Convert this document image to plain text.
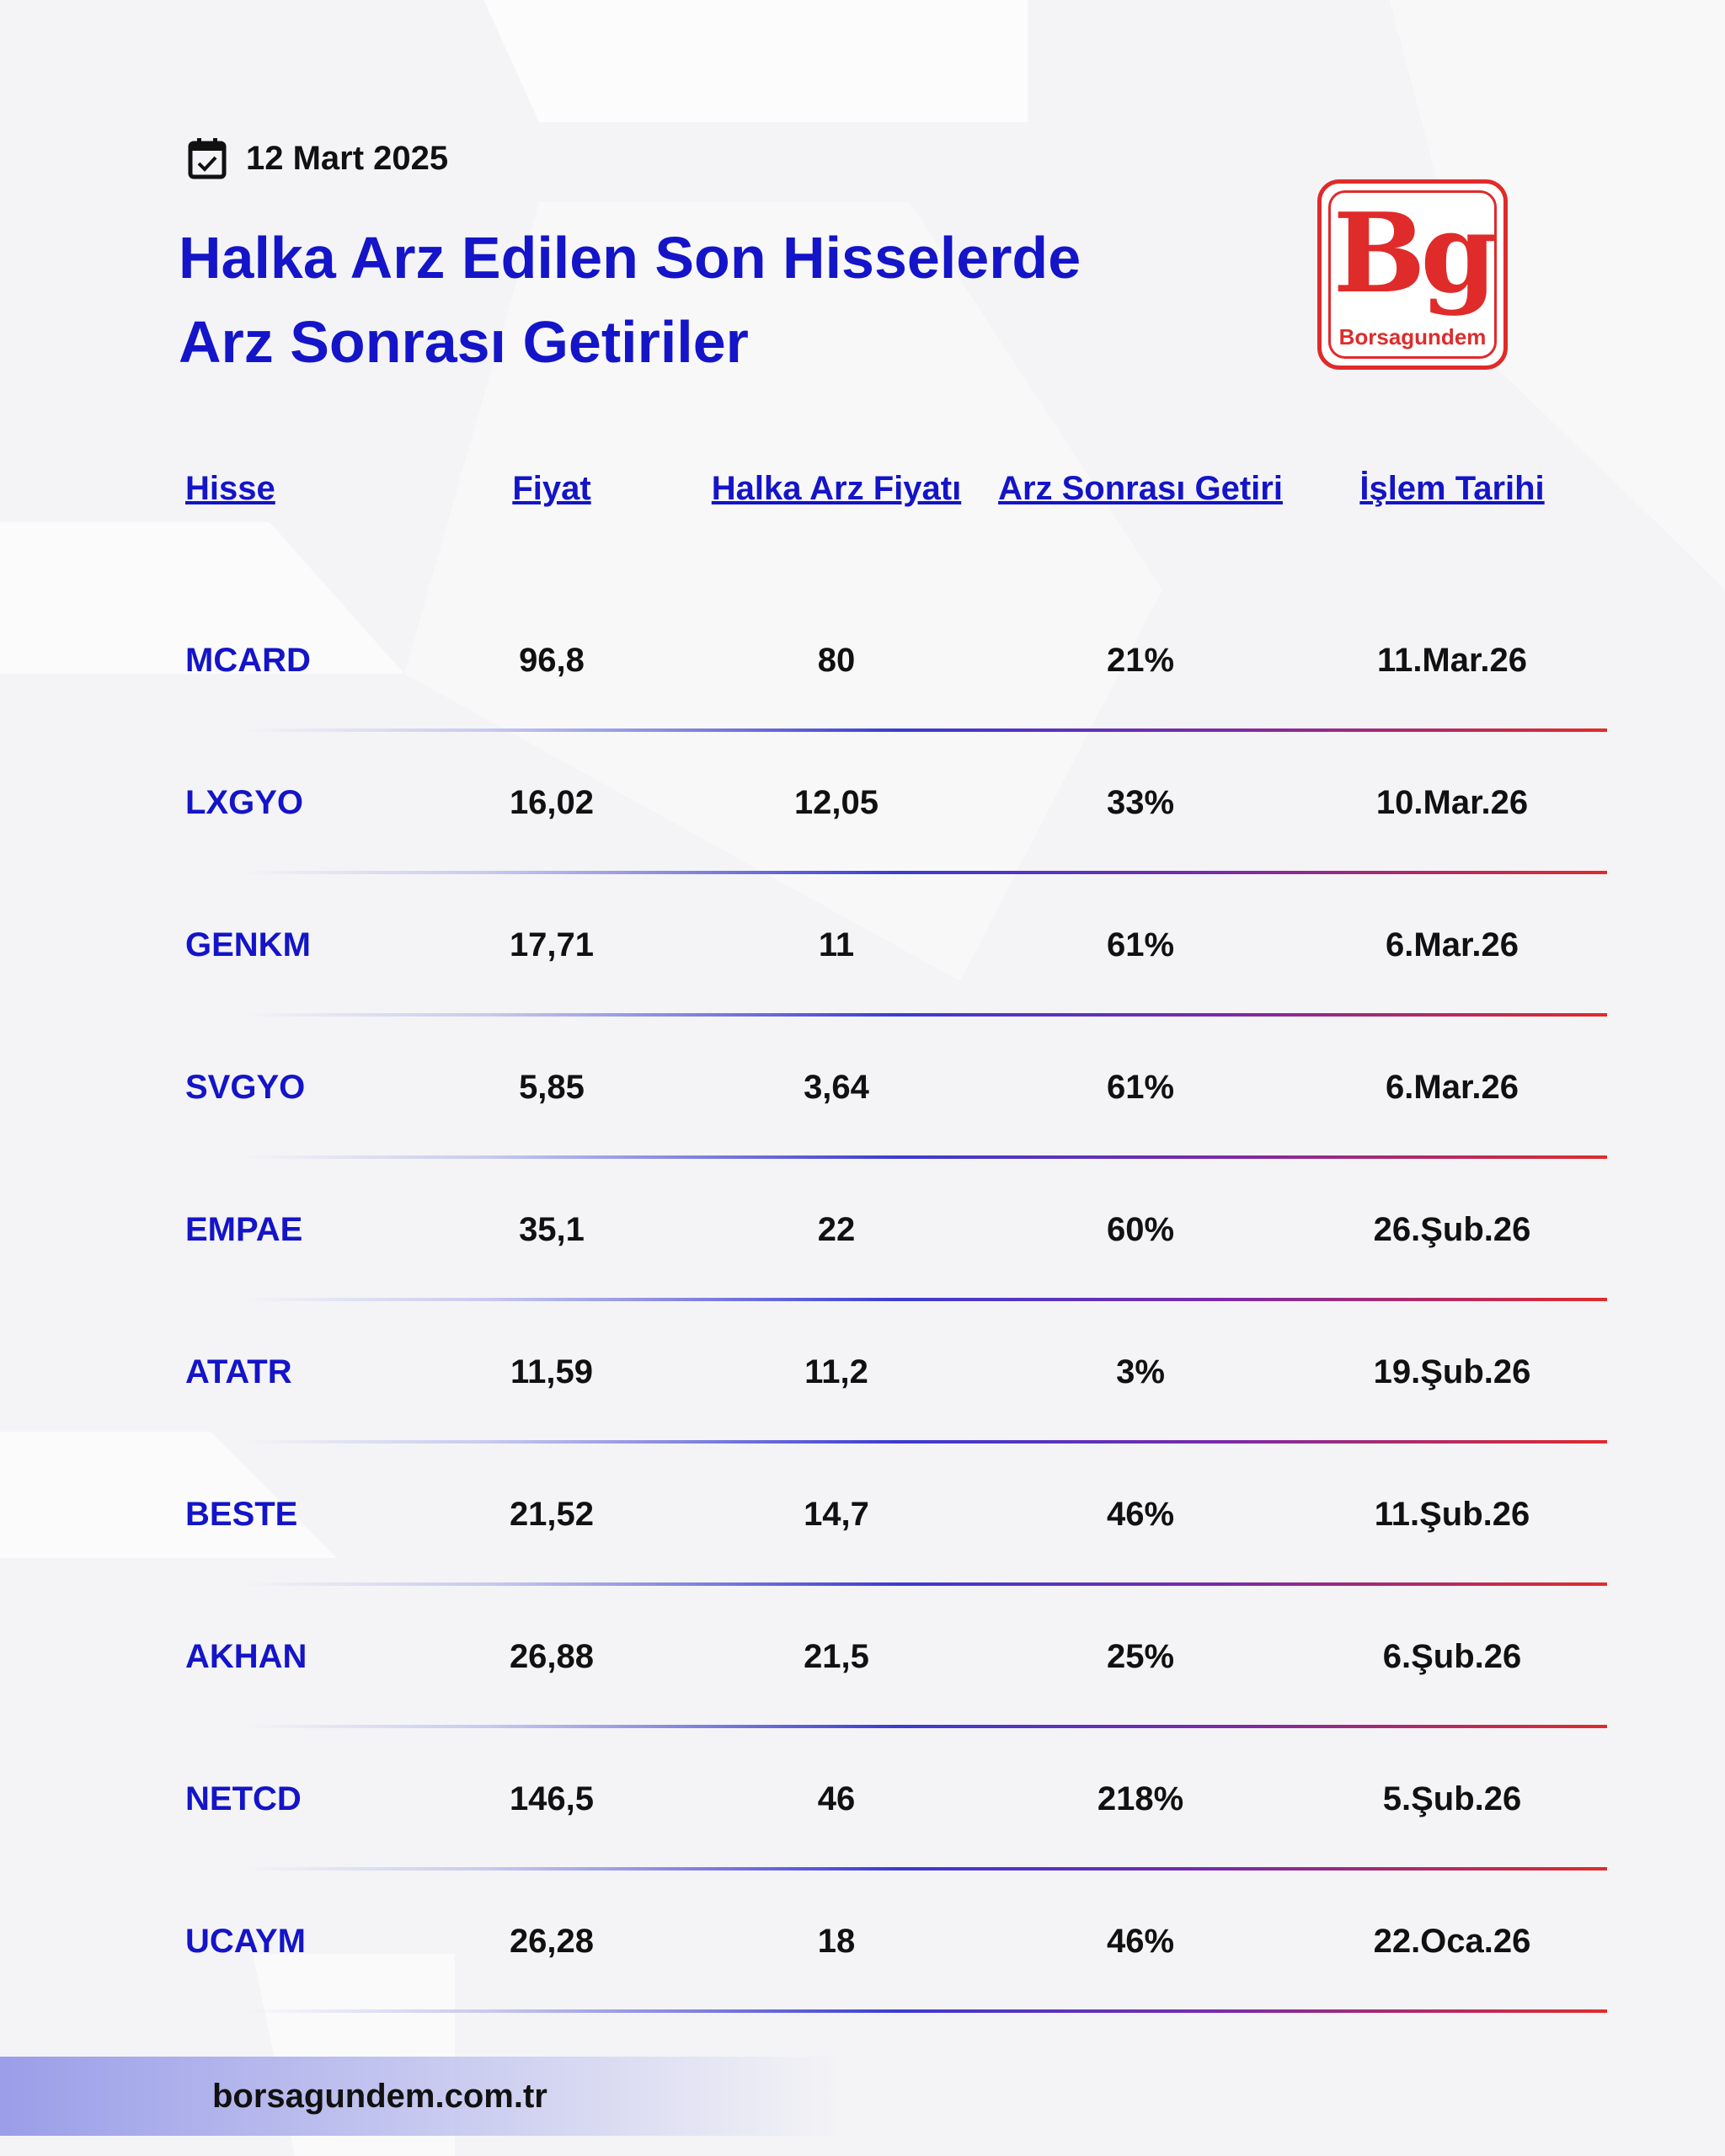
12 Mart 2025
Halka Arz Edilen Son Hisselerde
Arz Sonrası Getiriler
Bg
Borsagundem
Hisse	Fiyat	Halka Arz Fiyatı	Arz Sonrası Getiri	İşlem Tarihi
MCARD	96,8	80	21%	11.Mar.26
LXGYO	16,02	12,05	33%	10.Mar.26
GENKM	17,71	11	61%	6.Mar.26
SVGYO	5,85	3,64	61%	6.Mar.26
EMPAE	35,1	22	60%	26.Şub.26
ATATR	11,59	11,2	3%	19.Şub.26
BESTE	21,52	14,7	46%	11.Şub.26
AKHAN	26,88	21,5	25%	6.Şub.26
NETCD	146,5	46	218%	5.Şub.26
UCAYM	26,28	18	46%	22.Oca.26
borsagundem.com.tr
